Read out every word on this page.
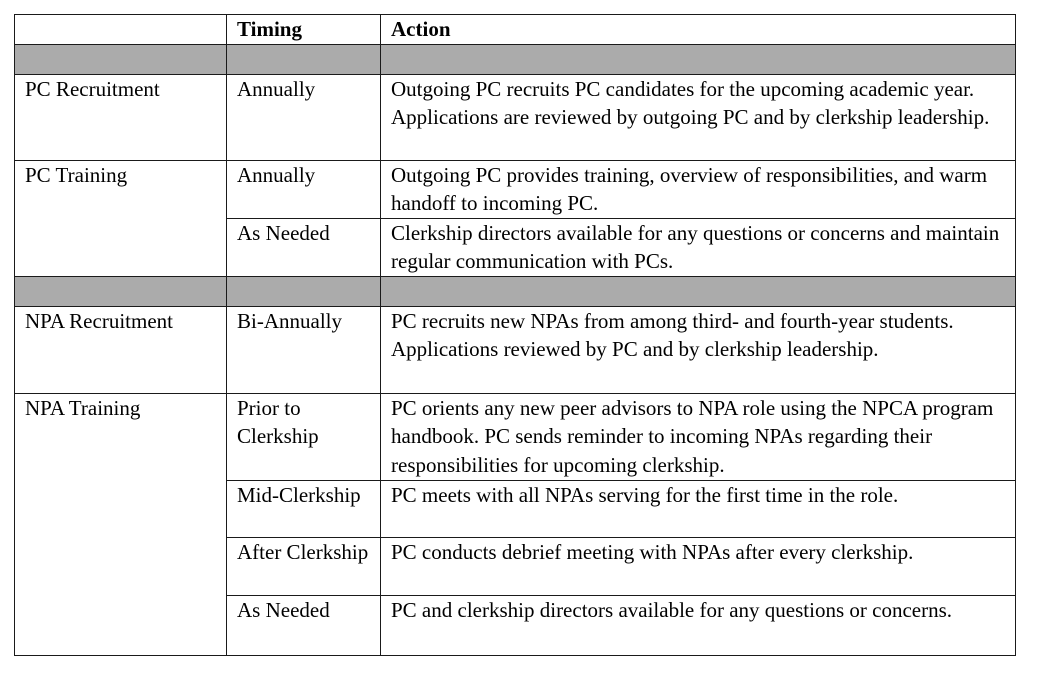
	Timing	Action

PC Recruitment	Annually	Outgoing PC recruits PC candidates for the upcoming academic year. Applications are reviewed by outgoing PC and by clerkship leadership.
PC Training	Annually	Outgoing PC provides training, overview of responsibilities, and warm handoff to incoming PC.
	As Needed	Clerkship directors available for any questions or concerns and maintain regular communication with PCs.

NPA Recruitment	Bi-Annually	PC recruits new NPAs from among third- and fourth-year students. Applications reviewed by PC and by clerkship leadership.
NPA Training	Prior to Clerkship	PC orients any new peer advisors to NPA role using the NPCA program handbook. PC sends reminder to incoming NPAs regarding their responsibilities for upcoming clerkship.
	Mid-Clerkship	PC meets with all NPAs serving for the first time in the role.
	After Clerkship	PC conducts debrief meeting with NPAs after every clerkship.
	As Needed	PC and clerkship directors available for any questions or concerns.
